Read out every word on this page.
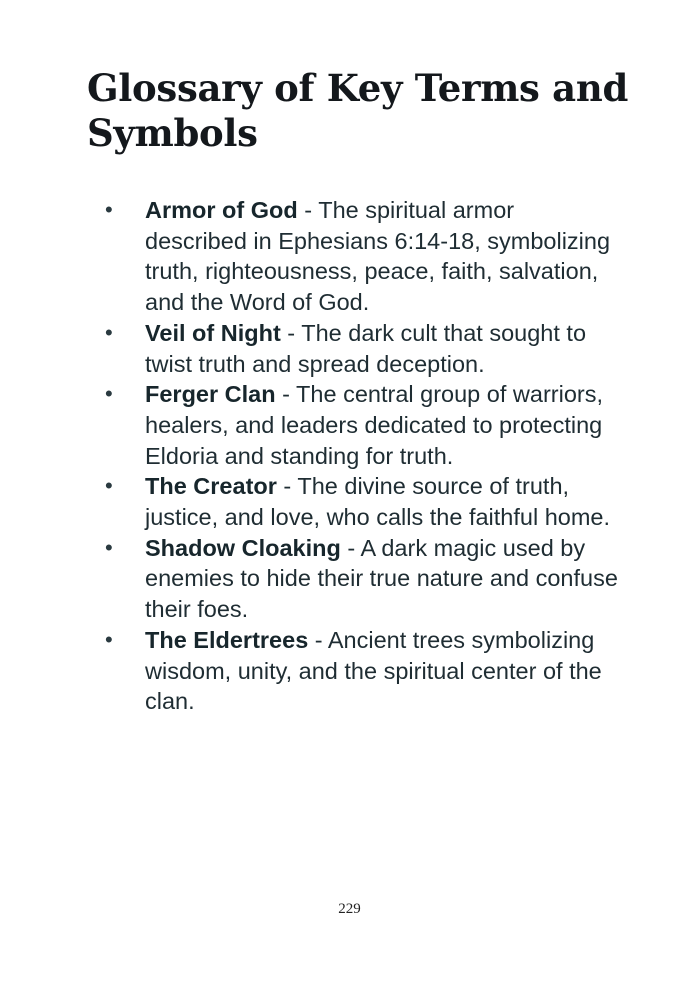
Glossary of Key Terms and Symbols
• Armor of God - The spiritual armor described in Ephesians 6:14-18, symbolizing truth, righteousness, peace, faith, salvation, and the Word of God.
• Veil of Night - The dark cult that sought to twist truth and spread deception.
• Ferger Clan - The central group of warriors, healers, and leaders dedicated to protecting Eldoria and standing for truth.
• The Creator - The divine source of truth, justice, and love, who calls the faithful home.
• Shadow Cloaking - A dark magic used by enemies to hide their true nature and confuse their foes.
• The Eldertrees - Ancient trees symbolizing wisdom, unity, and the spiritual center of the clan.
229
